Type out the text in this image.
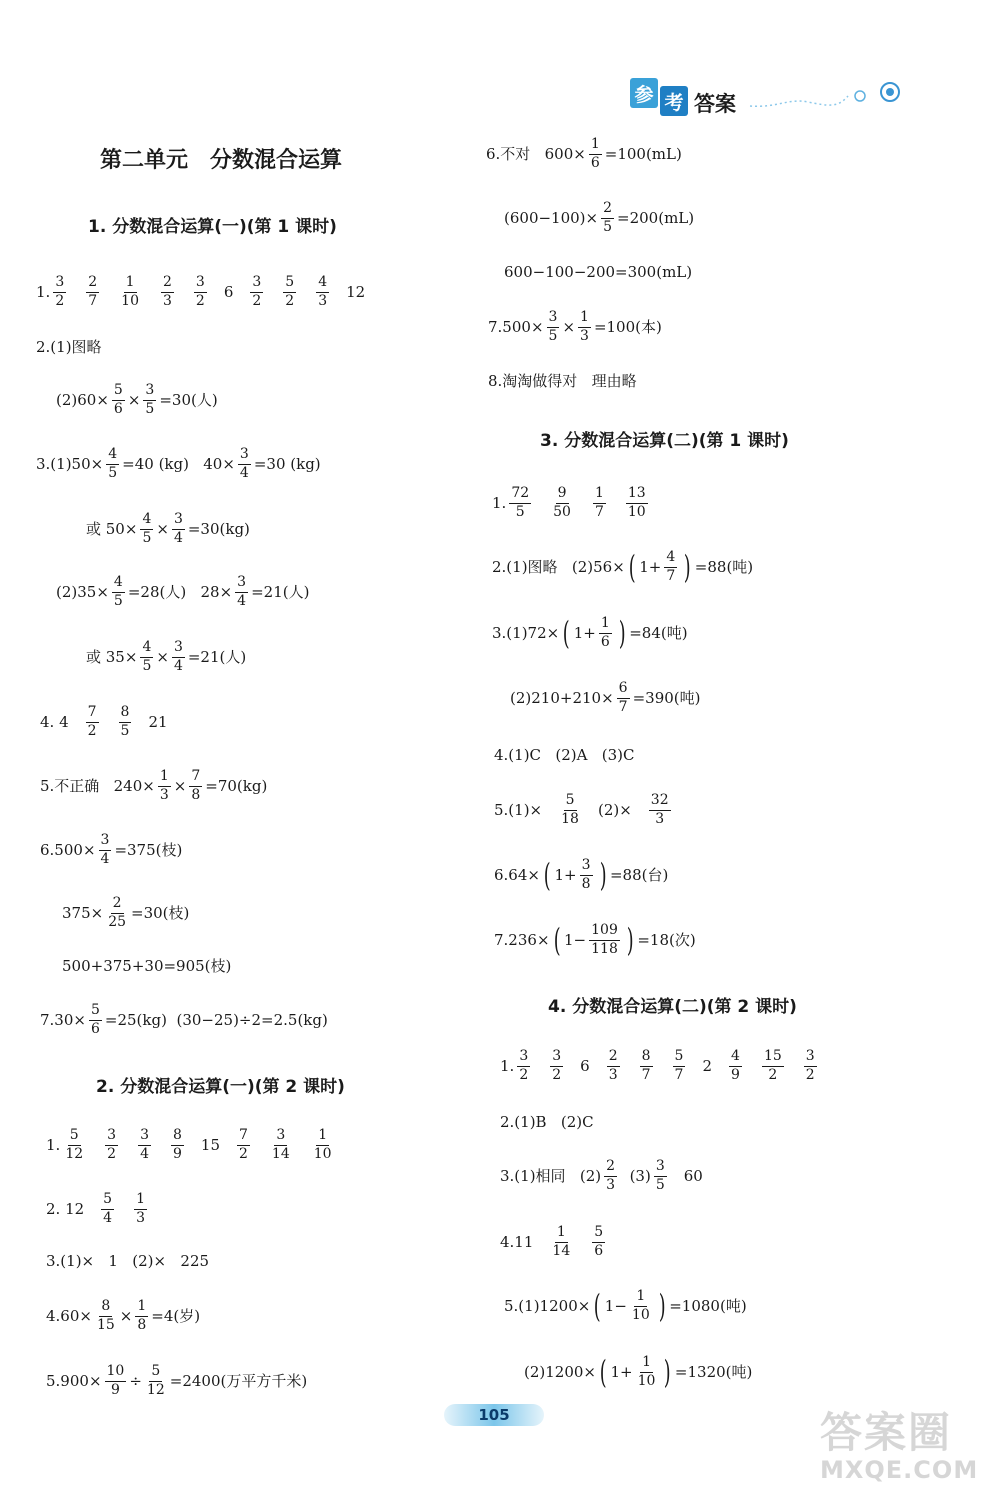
参 考 答案
第二单元　分数混合运算
1. 分数混合运算(一)(第 1 课时)
2. 分数混合运算(一)(第 2 课时)
3. 分数混合运算(二)(第 1 课时)
4. 分数混合运算(二)(第 2 课时)
1. $\frac{3}{2} \frac{2}{7} \frac{1}{10} \frac{2}{3} \frac{3}{2} 6 \frac{3}{2} \frac{5}{2} \frac{4}{3} 12$
2.(1)图略
$(2)60\times \frac{5}{6} \times \frac{3}{5} =30$(人)
$3.(1)50\times \frac{4}{5} =40$ (kg)   $40\times \frac{3}{4} =30$ (kg)
或 $50\times \frac{4}{5} \times \frac{3}{4} =30(kg)$
$(2)35\times \frac{4}{5} =28$(人)   $28\times \frac{3}{4} =21$(人)
或 $35\times \frac{4}{5} \times \frac{3}{4} =21$(人)
4. $4 \frac{7}{2} \frac{8}{5} 21$
5.不正确   $240\times \frac{1}{3} \times \frac{7}{8} =70(kg)$
$6.500\times \frac{3}{4} =375$(枝)
$375\times \frac{2}{25} =30$(枝)
500+375+30=905(枝)
$7.30\times \frac{5}{6} =25(kg)$  (30−25)÷2=2.5(kg)
1. $\frac{5}{12} \frac{3}{2} \frac{3}{4} \frac{8}{9} 15 \frac{7}{2} \frac{3}{14} \frac{1}{10}$
2. $12 \frac{5}{4} \frac{1}{3}$
3.(1)×   1   (2)×   225
$4.60\times \frac{8}{15} \times \frac{1}{8} =4$(岁)
$5.900\times \frac{10}{9} \div \frac{5}{12} =2400$(万平方千米)
6.不对   $600\times \frac{1}{6} =100(mL)$
$(600-100)\times \frac{2}{5} =200(mL)$
600−100−200=300(mL)
$7.500\times \frac{3}{5} \times \frac{1}{3} =100$(本)
8.淘淘做得对   理由略
1. $\frac{72}{5} \frac{9}{50} \frac{1}{7} \frac{13}{10}$
2.(1)图略   (2)56× ( $1+ \frac{4}{7}$ ) =88(吨)
3.(1)72× ( $1+ \frac{1}{6}$ ) =84(吨)
$(2)210+210\times \frac{6}{7} =390$(吨)
4.(1)C   (2)A   (3)C
$5.(1)\times \frac{5}{18} (2)\times \frac{32}{3}$
6.64× ( $1+ \frac{3}{8}$ ) =88(台)
7.236× ( $1- \frac{109}{118}$ ) =18(次)
1. $\frac{3}{2} \frac{3}{2} 6 \frac{2}{3} \frac{8}{7} \frac{5}{7} 2 \frac{4}{9} \frac{15}{2} \frac{3}{2}$
2.(1)B   (2)C
3.(1)相同   $(2) \frac{2}{3} (3) \frac{3}{5} 60$
$4.11 \frac{1}{14} \frac{5}{6}$
5.(1)1200× ( $1- \frac{1}{10}$ ) =1080(吨)
(2)1200× ( $1+ \frac{1}{10}$ ) =1320(吨)
105	答案圈
MXQE.COM
